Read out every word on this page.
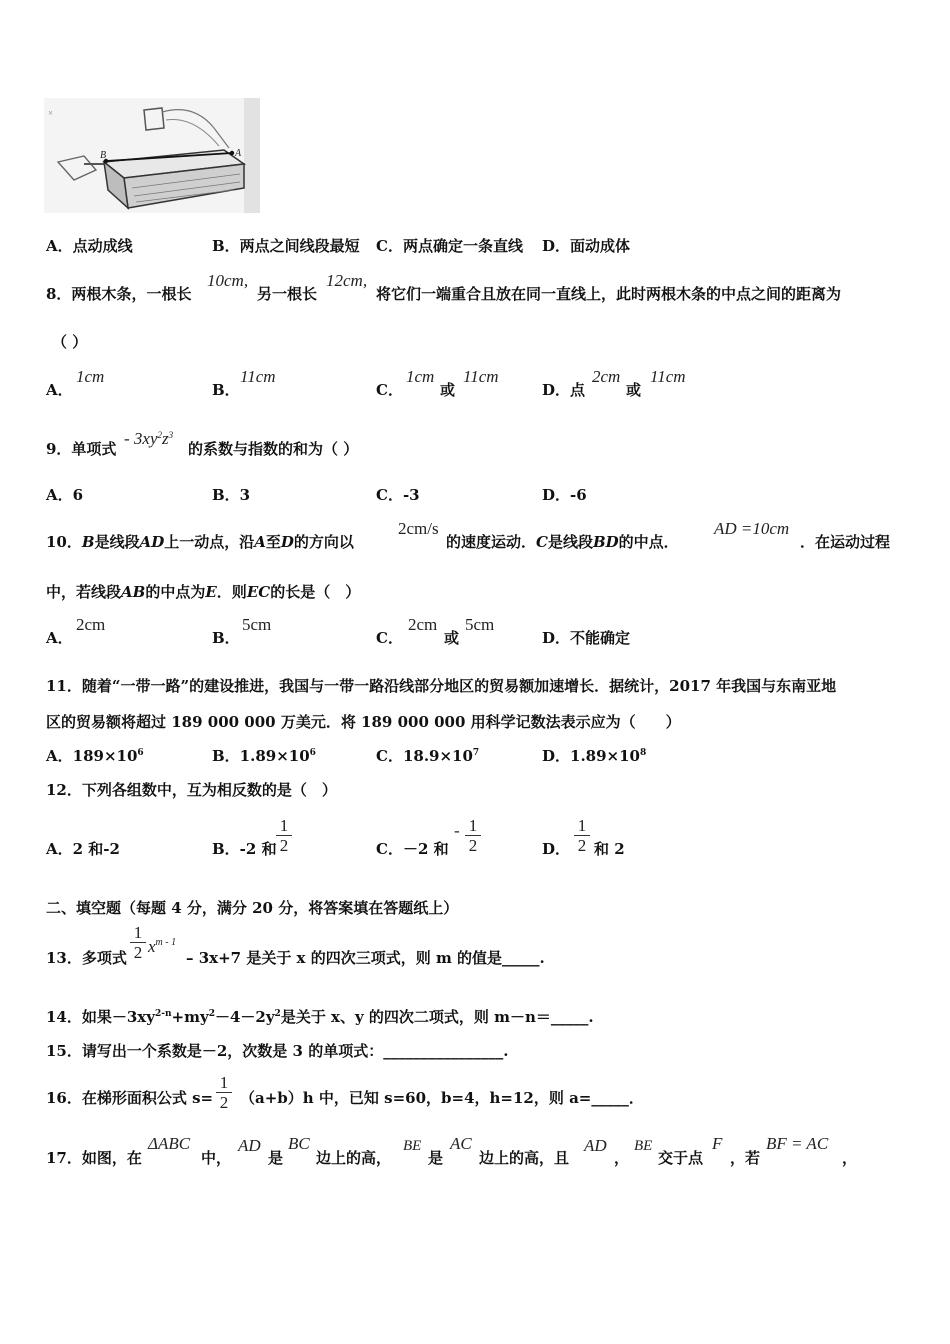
B	A
×
A．点动成线	B．两点之间线段最短 C．两点确定一条直线 D．面动成体
8．两根木条，一根长
10cm,
另一根长
12cm,
将它们一端重合且放在同一直线上，此时两根木条的中点之间的距离为
（ ）
A．
1cm
B．
11cm
C．
1cm
或
11cm
D．点
2cm
或
11cm
9．单项式
- $3xy^2z^3$
的系数与指数的和为（ ）
A．6	B．3	C．-3	D．-6
10．B是线段AD上一动点，沿A至D的方向以
2cm/s
的速度运动．C是线段BD的中点．
AD =10cm
．在运动过程
中，若线段AB的中点为E．则EC的长是（　）
A．
2cm
B．
5cm
C．
2cm
或
5cm
D．不能确定
11．随着“一带一路”的建设推进，我国与一带一路沿线部分地区的贸易额加速增长．据统计，2017 年我国与东南亚地
区的贸易额将超过 189 000 000 万美元．将 189 000 000 用科学记数法表示应为（　　）
A．$189\times 10^6$	B．$1.89\times 10^6$	C．$18.9\times 10^7$	D．$1.89\times 10^8$
12．下列各组数中，互为相反数的是（　）
A．2 和-2	B．-2 和
1
2	C．－2 和
- 1
2	D．
1
2 和 2
二、填空题（每题 4 分，满分 20 分，将答案填在答题纸上）
13．多项式
1
2 $x^{m - 1}$
– 3x+7 是关于 x 的四次三项式，则 m 的值是_____.
14．如果$-3xy^{2-n}+my^2-4-2y^2$是关于 x、y 的四次二项式，则 m－n＝_____.
15．请写出一个系数是－2，次数是 3 的单项式：________________.
16．在梯形面积公式 s=
1
2 （a+b）h 中，已知 s=60，b=4，h=12，则 a=_____．
17．如图，在
ΔABC
中，
AD
是
BC
边上的高，
BE
是
AC
边上的高，且
AD
，
BE
交于点
F
，若
BF = AC
，
